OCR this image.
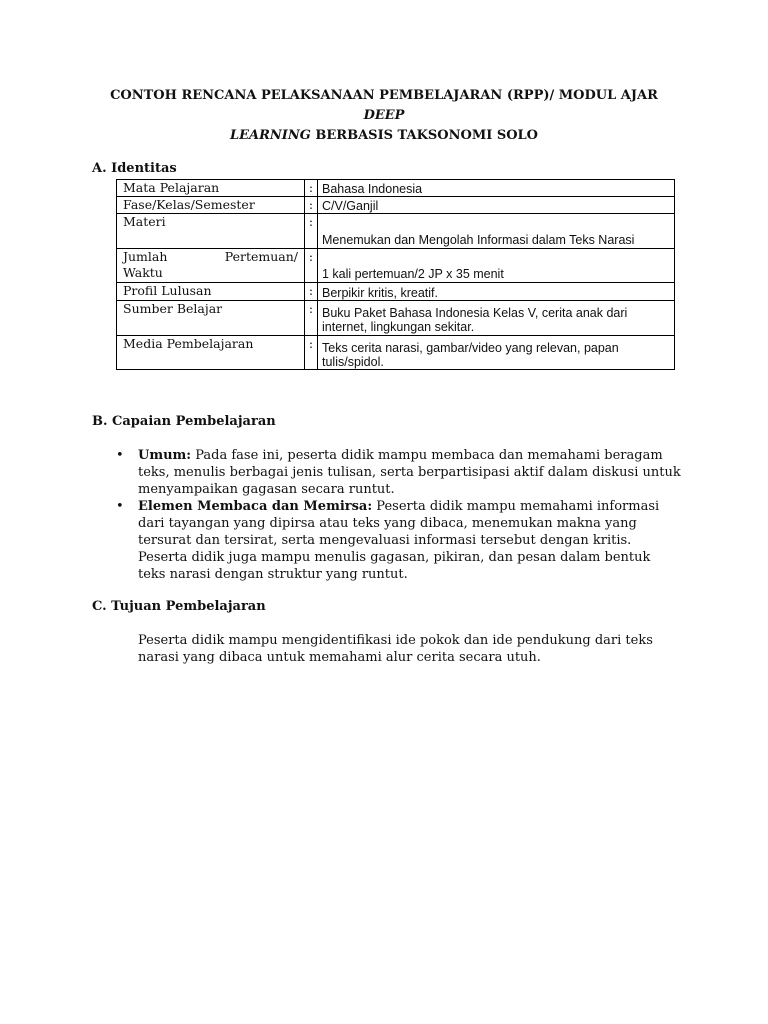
CONTOH RENCANA PELAKSANAAN PEMBELAJARAN (RPP)/ MODUL AJAR DEEP
LEARNING BERBASIS TAKSONOMI SOLO
A. Identitas
Mata Pelajaran	:	Bahasa Indonesia
Fase/Kelas/Semester	:	C/V/Ganjil
Materi	:	Menemukan dan Mengolah Informasi dalam Teks Narasi

Jumlah Pertemuan/
Waktu	:	1 kali pertemuan/2 JP x 35 menit
Profil Lulusan	:	Berpikir kritis, kreatif.
Sumber Belajar	:	Buku Paket Bahasa Indonesia Kelas V, cerita anak dari internet, lingkungan sekitar.
Media Pembelajaran	:	Teks cerita narasi, gambar/video yang relevan, papan tulis/spidol.
B. Capaian Pembelajaran
• Umum: Pada fase ini, peserta didik mampu membaca dan memahami beragam teks, menulis berbagai jenis tulisan, serta berpartisipasi aktif dalam diskusi untuk menyampaikan gagasan secara runtut.
• Elemen Membaca dan Memirsa: Peserta didik mampu memahami informasi dari tayangan yang dipirsa atau teks yang dibaca, menemukan makna yang tersurat dan tersirat, serta mengevaluasi informasi tersebut dengan kritis. Peserta didik juga mampu menulis gagasan, pikiran, dan pesan dalam bentuk teks narasi dengan struktur yang runtut.
C. Tujuan Pembelajaran
Peserta didik mampu mengidentifikasi ide pokok dan ide pendukung dari teks narasi yang dibaca untuk memahami alur cerita secara utuh.
